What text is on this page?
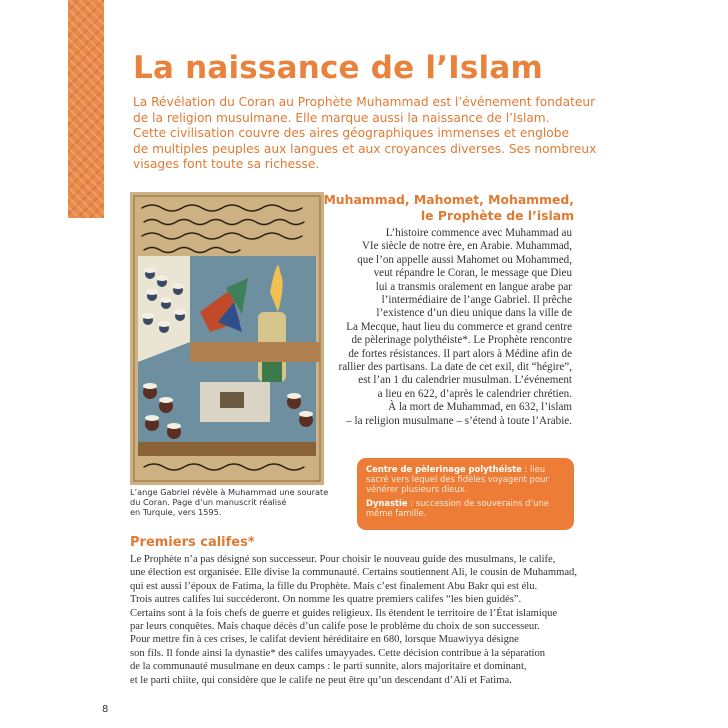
La naissance de l’Islam
La Révélation du Coran au Prophète Muhammad est l’événement fondateur
de la religion musulmane. Elle marque aussi la naissance de l’Islam.
Cette civilisation couvre des aires géographiques immenses et englobe
de multiples peuples aux langues et aux croyances diverses. Ses nombreux
visages font toute sa richesse.
L’ange Gabriel révèle à Muhammad une sourate
du Coran. Page d’un manuscrit réalisé
en Turquie, vers 1595.
Muhammad, Mahomet, Mohammed,
le Prophète de l’islam
L’histoire commence avec Muhammad au
VIe siècle de notre ère, en Arabie. Muhammad,
que l’on appelle aussi Mahomet ou Mohammed,
veut répandre le Coran, le message que Dieu
lui a transmis oralement en langue arabe par
l’intermédiaire de l’ange Gabriel. Il prêche
l’existence d’un dieu unique dans la ville de
La Mecque, haut lieu du commerce et grand centre
de pèlerinage polythéiste*. Le Prophète rencontre
de fortes résistances. Il part alors à Médine afin de
rallier des partisans. La date de cet exil, dit “hégire”,
est l’an 1 du calendrier musulman. L’événement
a lieu en 622, d’après le calendrier chrétien.
À la mort de Muhammad, en 632, l’islam
– la religion musulmane – s’étend à toute l’Arabie.
Centre de pèlerinage polythéiste : lieu sacré vers lequel des fidèles voyagent pour vénérer plusieurs dieux.
Dynastie : succession de souverains d’une même famille.
Premiers califes*
Le Prophète n’a pas désigné son successeur. Pour choisir le nouveau guide des musulmans, le calife,
une élection est organisée. Elle divise la communauté. Certains soutiennent Ali, le cousin de Muhammad,
qui est aussi l’époux de Fatima, la fille du Prophète. Mais c’est finalement Abu Bakr qui est élu.
Trois autres califes lui succéderont. On nomme les quatre premiers califes “les bien guidés”.
Certains sont à la fois chefs de guerre et guides religieux. Ils étendent le territoire de l’État islamique
par leurs conquêtes. Mais chaque décès d’un calife pose le problème du choix de son successeur.
Pour mettre fin à ces crises, le califat devient héréditaire en 680, lorsque Muawiyya désigne
son fils. Il fonde ainsi la dynastie* des califes umayyades. Cette décision contribue à la séparation
de la communauté musulmane en deux camps : le parti sunnite, alors majoritaire et dominant,
et le parti chiite, qui considère que le calife ne peut être qu’un descendant d’Ali et Fatima.
8
